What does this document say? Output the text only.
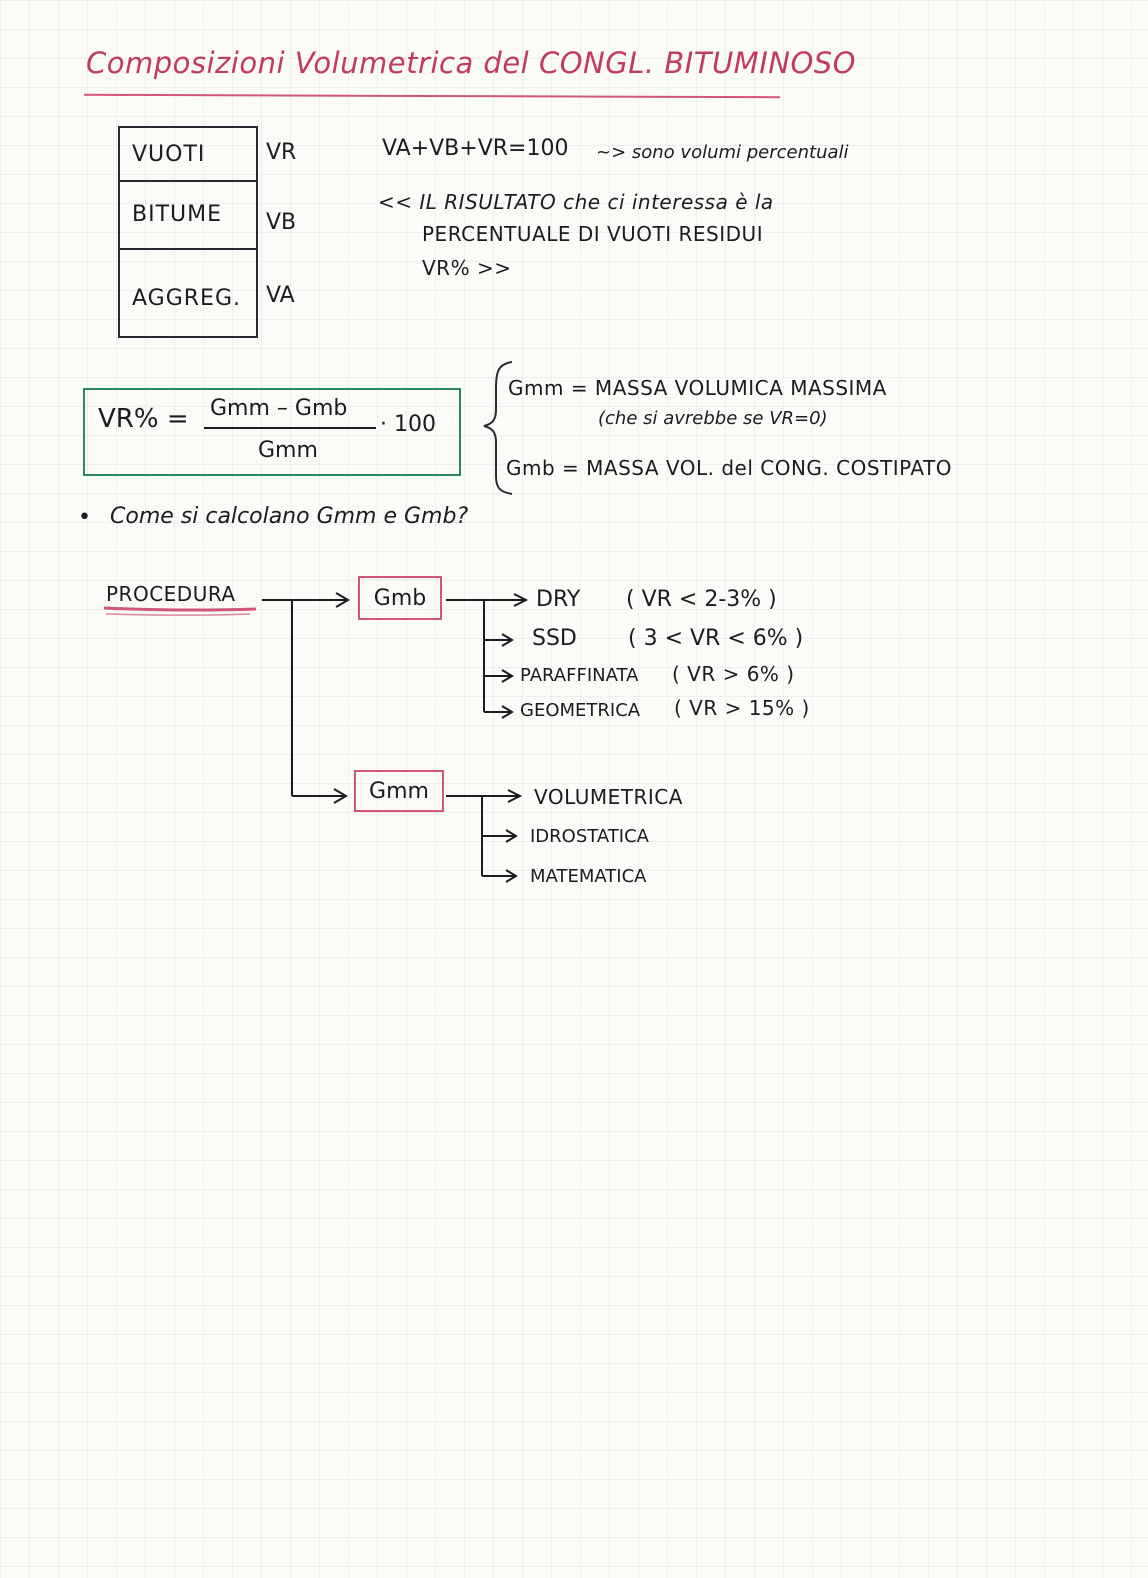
Composizioni Volumetrica del CONGL. BITUMINOSO
VUOTI
BITUME
AGGREG.
VR
VB
VA
VA+VB+VR=100 ~> sono volumi percentuali
<< IL RISULTATO che ci interessa è la
PERCENTUALE DI VUOTI RESIDUI
VR% >>
VR% = Gmm – Gmb
Gmm
· 100
Gmm = MASSA VOLUMICA MASSIMA
(che si avrebbe se VR=0)
Gmb = MASSA VOL. del CONG. COSTIPATO
• Come si calcolano Gmm e Gmb?
PROCEDURA	Gmb
Gmm
DRY ( VR < 2-3% )
SSD ( 3 < VR < 6% )
PARAFFINATA ( VR > 6% )
GEOMETRICA ( VR > 15% )
VOLUMETRICA
IDROSTATICA
MATEMATICA
